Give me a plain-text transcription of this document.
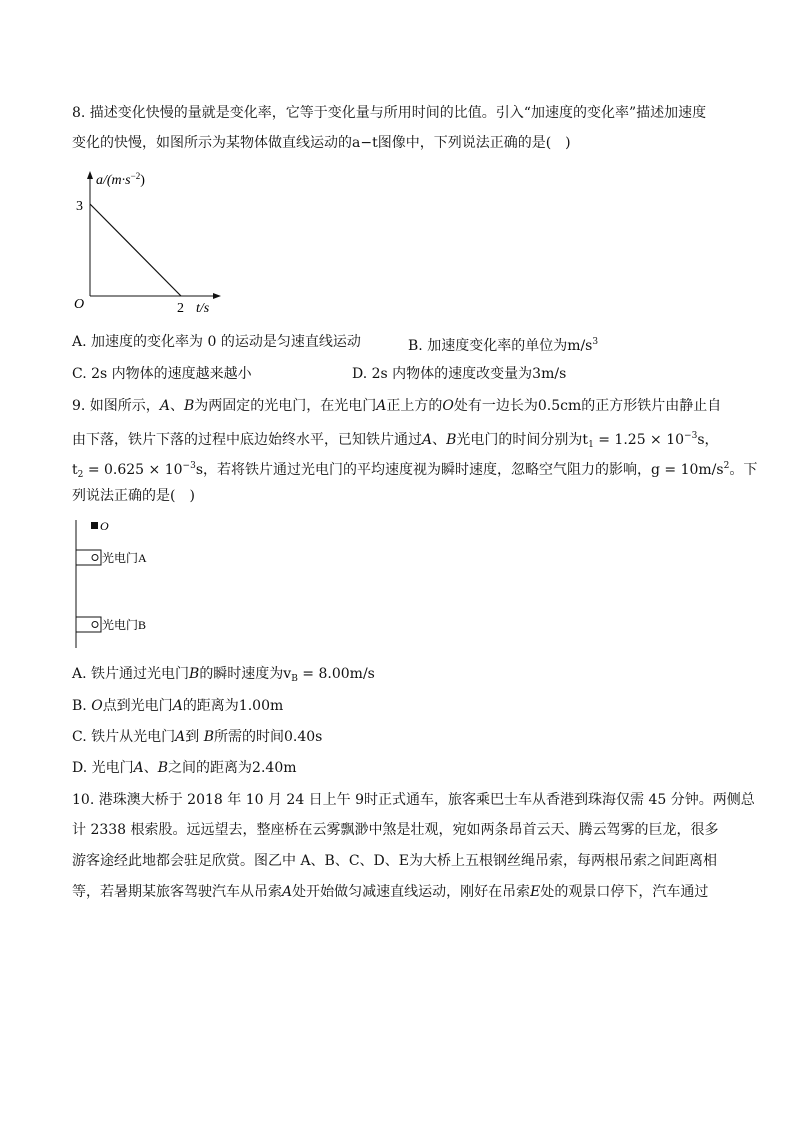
8. 描述变化快慢的量就是变化率，它等于变化量与所用时间的比值。引入“加速度的变化率”描述加速度
变化的快慢，如图所示为某物体做直线运动的a−t图像中，下列说法正确的是(　)
$a/(m\cdot s^{-2})$
3
O	2 t/s
A. 加速度的变化率为 0 的运动是匀速直线运动	B. 加速度变化率的单位为$m/s^3$
C. 2s 内物体的速度越来越小	D. 2s 内物体的速度改变量为3m/s
9. 如图所示，A、B为两固定的光电门，在光电门A正上方的O处有一边长为0.5cm的正方形铁片由静止自
由下落，铁片下落的过程中底边始终水平，已知铁片通过A、B光电门的时间分别为$t_1 = 1.25 \times 10^{-3}s$，
$t_2 = 0.625 \times 10^{-3}s$，若将铁片通过光电门的平均速度视为瞬时速度，忽略空气阻力的影响，$g = 10m/s^2$。下
列说法正确的是(　)
O
光电门A
光电门B
A. 铁片通过光电门B的瞬时速度为$v_B = 8.00m/s$
B. O点到光电门A的距离为1.00m
C. 铁片从光电门A到 B所需的时间0.40s
D. 光电门A、B之间的距离为2.40m
10. 港珠澳大桥于 2018 年 10 月 24 日上午 9时正式通车，旅客乘巴士车从香港到珠海仅需 45 分钟。两侧总
计 2338 根索股。远远望去，整座桥在云雾飘渺中煞是壮观，宛如两条昂首云天、腾云驾雾的巨龙，很多
游客途经此地都会驻足欣赏。图乙中 A、B、C、D、E为大桥上五根钢丝绳吊索，每两根吊索之间距离相
等，若暑期某旅客驾驶汽车从吊索A处开始做匀减速直线运动，刚好在吊索E处的观景口停下，汽车通过
